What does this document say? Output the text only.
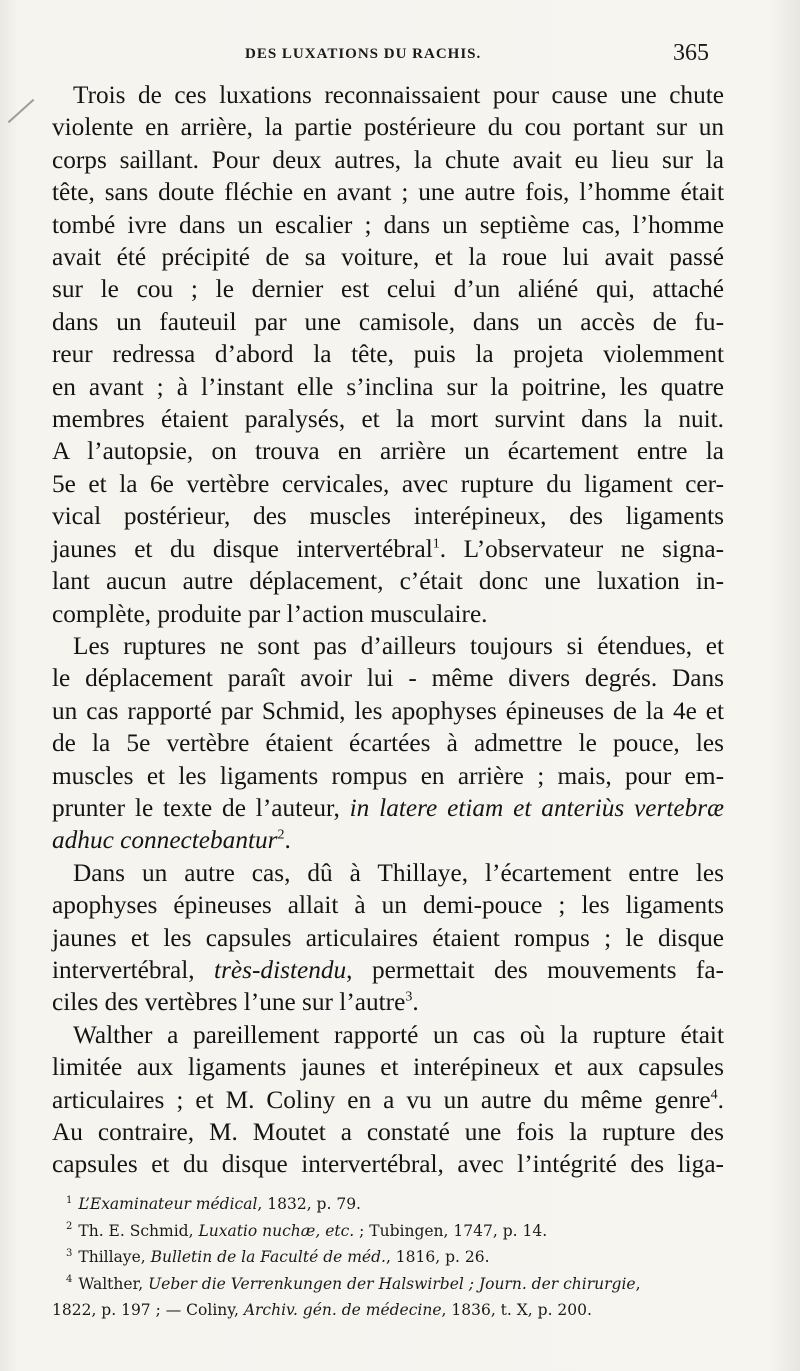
DES LUXATIONS DU RACHIS.	365

Trois de ces luxations reconnaissaient pour cause une chute
violente en arrière, la partie postérieure du cou portant sur un
corps saillant. Pour deux autres, la chute avait eu lieu sur la
tête, sans doute fléchie en avant ; une autre fois, l’homme était
tombé ivre dans un escalier ; dans un septième cas, l’homme
avait été précipité de sa voiture, et la roue lui avait passé
sur le cou ; le dernier est celui d’un aliéné qui, attaché
dans un fauteuil par une camisole, dans un accès de fu-
reur redressa d’abord la tête, puis la projeta violemment
en avant ; à l’instant elle s’inclina sur la poitrine, les quatre
membres étaient paralysés, et la mort survint dans la nuit.
A l’autopsie, on trouva en arrière un écartement entre la
5e et la 6e vertèbre cervicales, avec rupture du ligament cer-
vical postérieur, des muscles interépineux, des ligaments
jaunes et du disque intervertébral$^1$. L’observateur ne signa-
lant aucun autre déplacement, c’était donc une luxation in-
complète, produite par l’action musculaire.

Les ruptures ne sont pas d’ailleurs toujours si étendues, et
le déplacement paraît avoir lui - même divers degrés. Dans
un cas rapporté par Schmid, les apophyses épineuses de la 4e et
de la 5e vertèbre étaient écartées à admettre le pouce, les
muscles et les ligaments rompus en arrière ; mais, pour em-
prunter le texte de l’auteur, in latere etiam et anteriùs vertebræ
adhuc connectebantur$^2$.

Dans un autre cas, dû à Thillaye, l’écartement entre les
apophyses épineuses allait à un demi-pouce ; les ligaments
jaunes et les capsules articulaires étaient rompus ; le disque
intervertébral, très-distendu, permettait des mouvements fa-
ciles des vertèbres l’une sur l’autre$^3$.

Walther a pareillement rapporté un cas où la rupture était
limitée aux ligaments jaunes et interépineux et aux capsules
articulaires ; et M. Coliny en a vu un autre du même genre$^4$.
Au contraire, M. Moutet a constaté une fois la rupture des
capsules et du disque intervertébral, avec l’intégrité des liga-

$^1$ L’Examinateur médical, 1832, p. 79.
$^2$ Th. E. Schmid, Luxatio nuchæ, etc. ; Tubingen, 1747, p. 14.
$^3$ Thillaye, Bulletin de la Faculté de méd., 1816, p. 26.
$^4$ Walther, Ueber die Verrenkungen der Halswirbel ; Journ. der chirurgie,
1822, p. 197 ; — Coliny, Archiv. gén. de médecine, 1836, t. X, p. 200.
